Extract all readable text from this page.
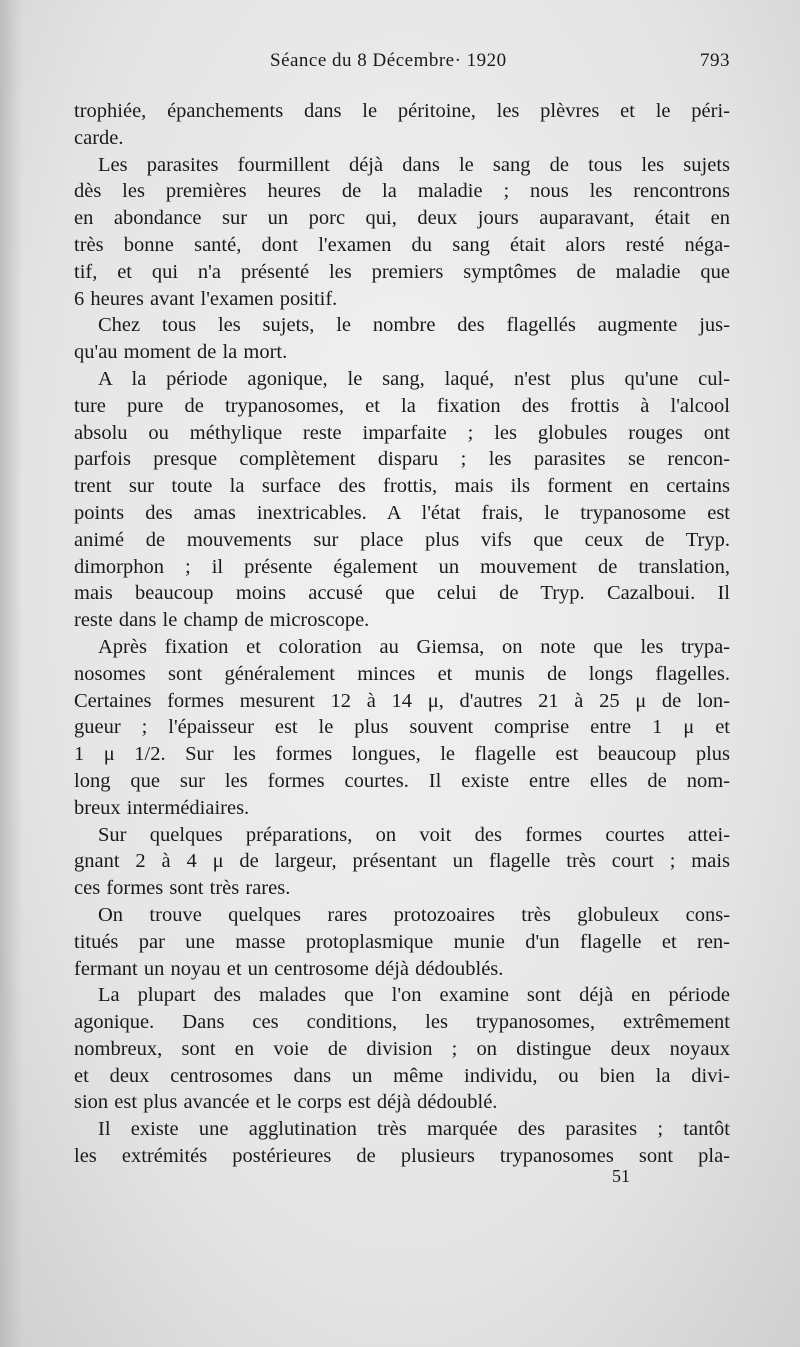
Séance du 8 Décembre· 1920	793
trophiée, épanchements dans le péritoine, les plèvres et le péri-
carde.
Les parasites fourmillent déjà dans le sang de tous les sujets
dès les premières heures de la maladie ; nous les rencontrons
en abondance sur un porc qui, deux jours auparavant, était en
très bonne santé, dont l'examen du sang était alors resté néga-
tif, et qui n'a présenté les premiers symptômes de maladie que
6 heures avant l'examen positif.
Chez tous les sujets, le nombre des flagellés augmente jus-
qu'au moment de la mort.
A la période agonique, le sang, laqué, n'est plus qu'une cul-
ture pure de trypanosomes, et la fixation des frottis à l'alcool
absolu ou méthylique reste imparfaite ; les globules rouges ont
parfois presque complètement disparu ; les parasites se rencon-
trent sur toute la surface des frottis, mais ils forment en certains
points des amas inextricables. A l'état frais, le trypanosome est
animé de mouvements sur place plus vifs que ceux de Tryp.
dimorphon ; il présente également un mouvement de translation,
mais beaucoup moins accusé que celui de Tryp. Cazalboui. Il
reste dans le champ de microscope.
Après fixation et coloration au Giemsa, on note que les trypa-
nosomes sont généralement minces et munis de longs flagelles.
Certaines formes mesurent 12 à 14 μ, d'autres 21 à 25 μ de lon-
gueur ; l'épaisseur est le plus souvent comprise entre 1 μ et
1 μ 1/2. Sur les formes longues, le flagelle est beaucoup plus
long que sur les formes courtes. Il existe entre elles de nom-
breux intermédiaires.
Sur quelques préparations, on voit des formes courtes attei-
gnant 2 à 4 μ de largeur, présentant un flagelle très court ; mais
ces formes sont très rares.
On trouve quelques rares protozoaires très globuleux cons-
titués par une masse protoplasmique munie d'un flagelle et ren-
fermant un noyau et un centrosome déjà dédoublés.
La plupart des malades que l'on examine sont déjà en période
agonique. Dans ces conditions, les trypanosomes, extrêmement
nombreux, sont en voie de division ; on distingue deux noyaux
et deux centrosomes dans un même individu, ou bien la divi-
sion est plus avancée et le corps est déjà dédoublé.
Il existe une agglutination très marquée des parasites ; tantôt
les extrémités postérieures de plusieurs trypanosomes sont pla-
51
